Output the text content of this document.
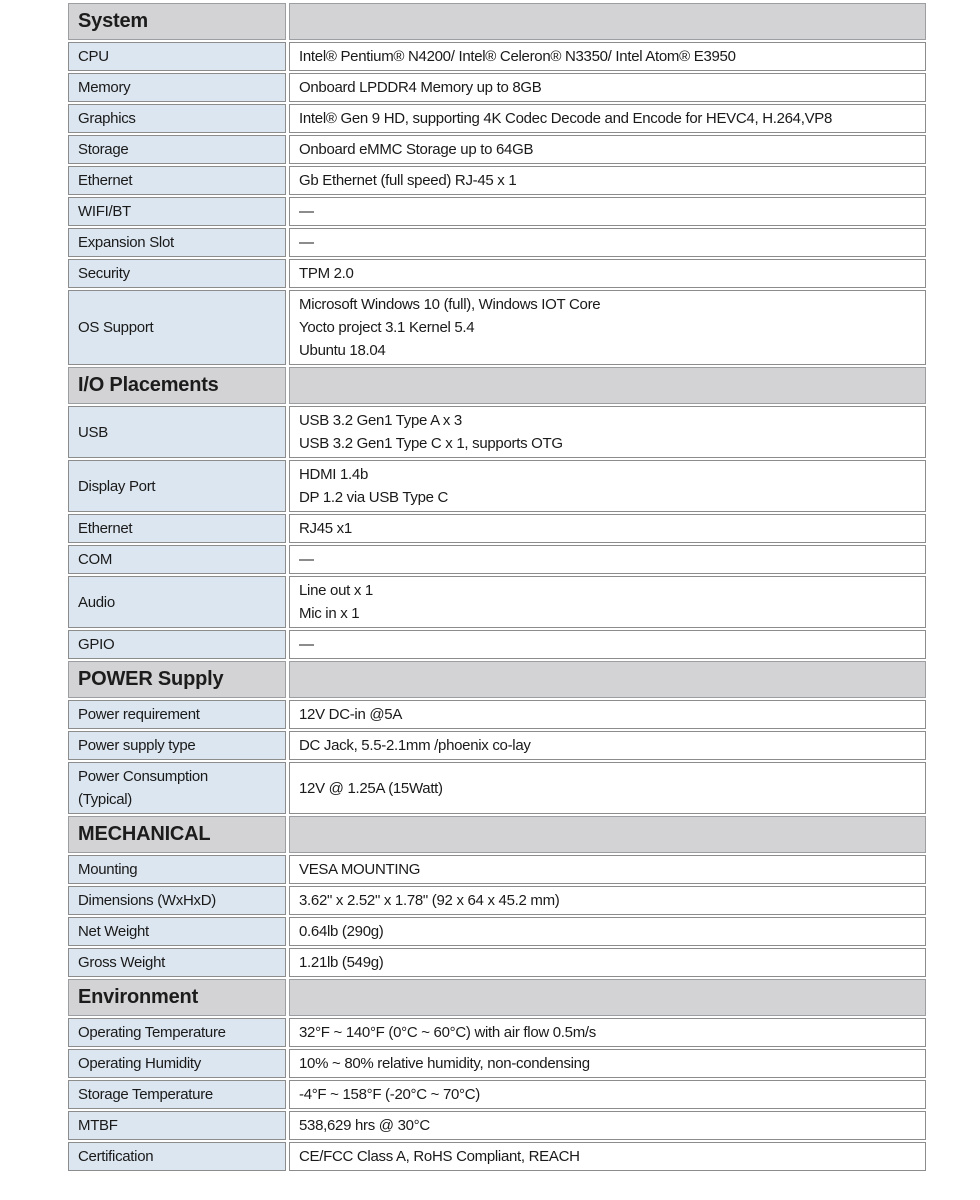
System	

CPU	Intel® Pentium® N4200/ Intel® Celeron® N3350/ Intel Atom® E3950

Memory	Onboard LPDDR4 Memory up to 8GB

Graphics	Intel® Gen 9 HD, supporting 4K Codec Decode and Encode for HEVC4, H.264,VP8

Storage	Onboard eMMC Storage up to 64GB

Ethernet	Gb Ethernet (full speed) RJ-45 x 1

WIFI/BT	—

Expansion Slot	—

Security	TPM 2.0

OS Support	Microsoft Windows 10 (full), Windows IOT Core
Yocto project 3.1 Kernel 5.4
Ubuntu 18.04

I/O Placements	

USB	USB 3.2 Gen1 Type A x 3
USB 3.2 Gen1 Type C x 1, supports OTG

Display Port	HDMI 1.4b
DP 1.2 via USB Type C

Ethernet	RJ45 x1

COM	—

Audio	Line out x 1
Mic in x 1

GPIO	—

POWER Supply	

Power requirement	12V DC-in @5A

Power supply type	DC Jack, 5.5-2.1mm /phoenix co-lay

Power Consumption
(Typical)	12V @ 1.25A (15Watt)

MECHANICAL	

Mounting	VESA MOUNTING

Dimensions (WxHxD)	3.62" x 2.52" x 1.78" (92 x 64 x 45.2 mm)

Net Weight	0.64lb (290g)

Gross Weight	1.21lb (549g)

Environment	

Operating Temperature	32°F ~ 140°F (0°C ~ 60°C) with air flow 0.5m/s

Operating Humidity	10% ~ 80% relative humidity, non-condensing

Storage Temperature	-4°F ~ 158°F (-20°C ~ 70°C)

MTBF	538,629 hrs @ 30°C

Certification	CE/FCC Class A, RoHS Compliant, REACH
